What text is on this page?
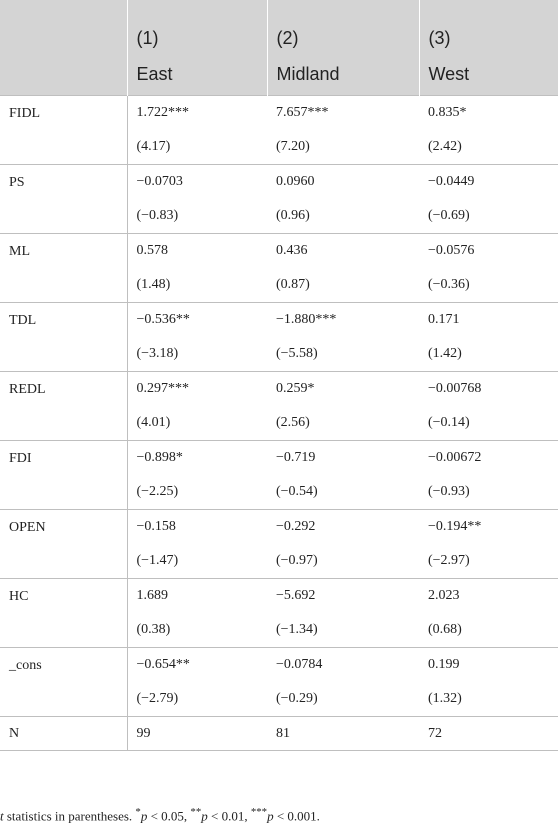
	(1)	(2)	(3)
	East	Midland	West
FIDL	1.722***	7.657***	0.835*
	(4.17)	(7.20)	(2.42)
PS	−0.0703	0.0960	−0.0449
	(−0.83)	(0.96)	(−0.69)
ML	0.578	0.436	−0.0576
	(1.48)	(0.87)	(−0.36)
TDL	−0.536**	−1.880***	0.171
	(−3.18)	(−5.58)	(1.42)
REDL	0.297***	0.259*	−0.00768
	(4.01)	(2.56)	(−0.14)
FDI	−0.898*	−0.719	−0.00672
	(−2.25)	(−0.54)	(−0.93)
OPEN	−0.158	−0.292	−0.194**
	(−1.47)	(−0.97)	(−2.97)
HC	1.689	−5.692	2.023
	(0.38)	(−1.34)	(0.68)
_cons	−0.654**	−0.0784	0.199
	(−2.79)	(−0.29)	(1.32)
N	99	81	72
t statistics in parentheses. *p < 0.05, **p < 0.01, ***p < 0.001.
